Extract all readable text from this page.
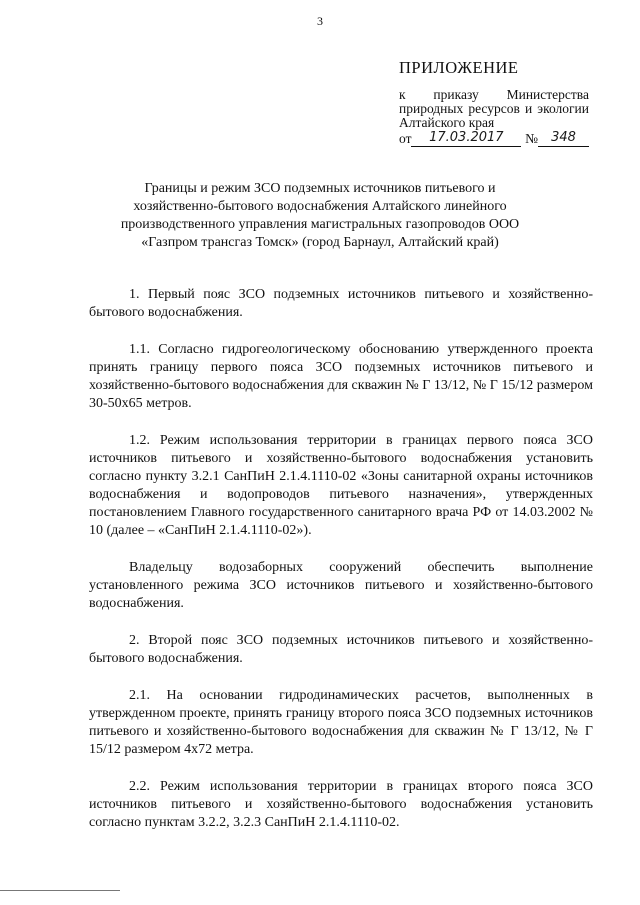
3
ПРИЛОЖЕНИЕ
к приказу Министерства природных ресурсов и экологии Алтайского края
от	17.03.2017	№	348
Границы и режим ЗСО подземных источников питьевого и хозяйственно-бытового водоснабжения Алтайского линейного производственного управления магистральных газопроводов ООО «Газпром трансгаз Томск» (город Барнаул, Алтайский край)

1. Первый пояс ЗСО подземных источников питьевого и хозяйственно-бытового водоснабжения.

1.1. Согласно гидрогеологическому обоснованию утвержденного проекта принять границу первого пояса ЗСО подземных источников питьевого и хозяйственно-бытового водоснабжения для скважин № Г 13/12, № Г 15/12 размером 30-50х65 метров.

1.2. Режим использования территории в границах первого пояса ЗСО источников питьевого и хозяйственно-бытового водоснабжения установить согласно пункту 3.2.1 СанПиН 2.1.4.1110-02 «Зоны санитарной охраны источников водоснабжения и водопроводов питьевого назначения», утвержденных постановлением Главного государственного санитарного врача РФ от 14.03.2002 № 10 (далее – «СанПиН 2.1.4.1110-02»).

Владельцу водозаборных сооружений обеспечить выполнение установленного режима ЗСО источников питьевого и хозяйственно-бытового водоснабжения.

2. Второй пояс ЗСО подземных источников питьевого и хозяйственно-бытового водоснабжения.

2.1. На основании гидродинамических расчетов, выполненных в утвержденном проекте, принять границу второго пояса ЗСО подземных источников питьевого и хозяйственно-бытового водоснабжения для скважин № Г 13/12, № Г 15/12 размером 4х72 метра.

2.2. Режим использования территории в границах второго пояса ЗСО источников питьевого и хозяйственно-бытового водоснабжения установить согласно пунктам 3.2.2, 3.2.3 СанПиН 2.1.4.1110-02.
